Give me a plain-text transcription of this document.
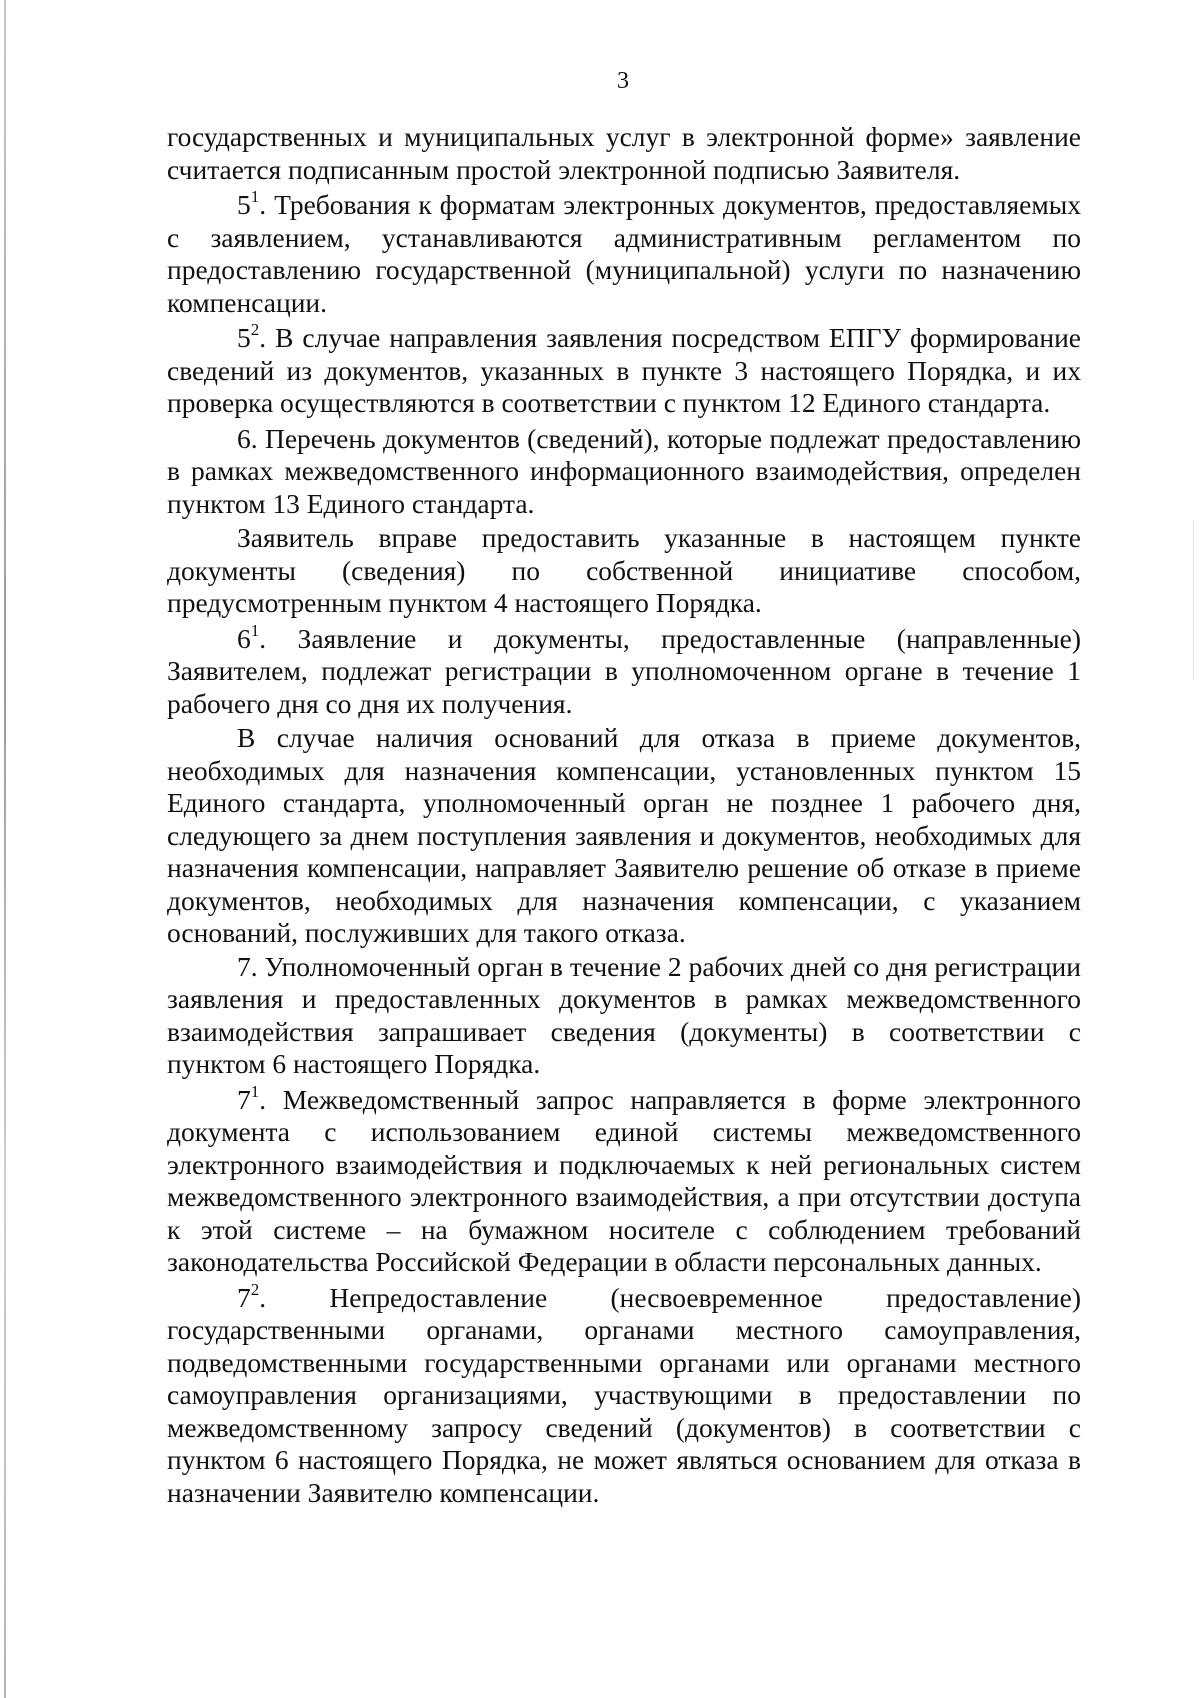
3

государственных и муниципальных услуг в электронной форме» заявление считается подписанным простой электронной подписью Заявителя.

$5^1$. Требования к форматам электронных документов, предоставляемых с заявлением, устанавливаются административным регламентом по предоставлению государственной (муниципальной) услуги по назначению компенсации.

$5^2$. В случае направления заявления посредством ЕПГУ формирование сведений из документов, указанных в пункте 3 настоящего Порядка, и их проверка осуществляются в соответствии с пунктом 12 Единого стандарта.

6. Перечень документов (сведений), которые подлежат предоставлению в рамках межведомственного информационного взаимодействия, определен пунктом 13 Единого стандарта.

Заявитель вправе предоставить указанные в настоящем пункте документы (сведения) по собственной инициативе способом, предусмотренным пунктом 4 настоящего Порядка.

$6^1$. Заявление и документы, предоставленные (направленные) Заявителем, подлежат регистрации в уполномоченном органе в течение 1 рабочего дня со дня их получения.

В случае наличия оснований для отказа в приеме документов, необходимых для назначения компенсации, установленных пунктом 15 Единого стандарта, уполномоченный орган не позднее 1 рабочего дня, следующего за днем поступления заявления и документов, необходимых для назначения компенсации, направляет Заявителю решение об отказе в приеме документов, необходимых для назначения компенсации, с указанием оснований, послуживших для такого отказа.

7. Уполномоченный орган в течение 2 рабочих дней со дня регистрации заявления и предоставленных документов в рамках межведомственного взаимодействия запрашивает сведения (документы) в соответствии с пунктом 6 настоящего Порядка.

$7^1$. Межведомственный запрос направляется в форме электронного документа с использованием единой системы межведомственного электронного взаимодействия и подключаемых к ней региональных систем межведомственного электронного взаимодействия, а при отсутствии доступа к этой системе – на бумажном носителе с соблюдением требований законодательства Российской Федерации в области персональных данных.

$7^2$. Непредоставление (несвоевременное предоставление) государственными органами, органами местного самоуправления, подведомственными государственными органами или органами местного самоуправления организациями, участвующими в предоставлении по межведомственному запросу сведений (документов) в соответствии с пунктом 6 настоящего Порядка, не может являться основанием для отказа в назначении Заявителю компенсации.
